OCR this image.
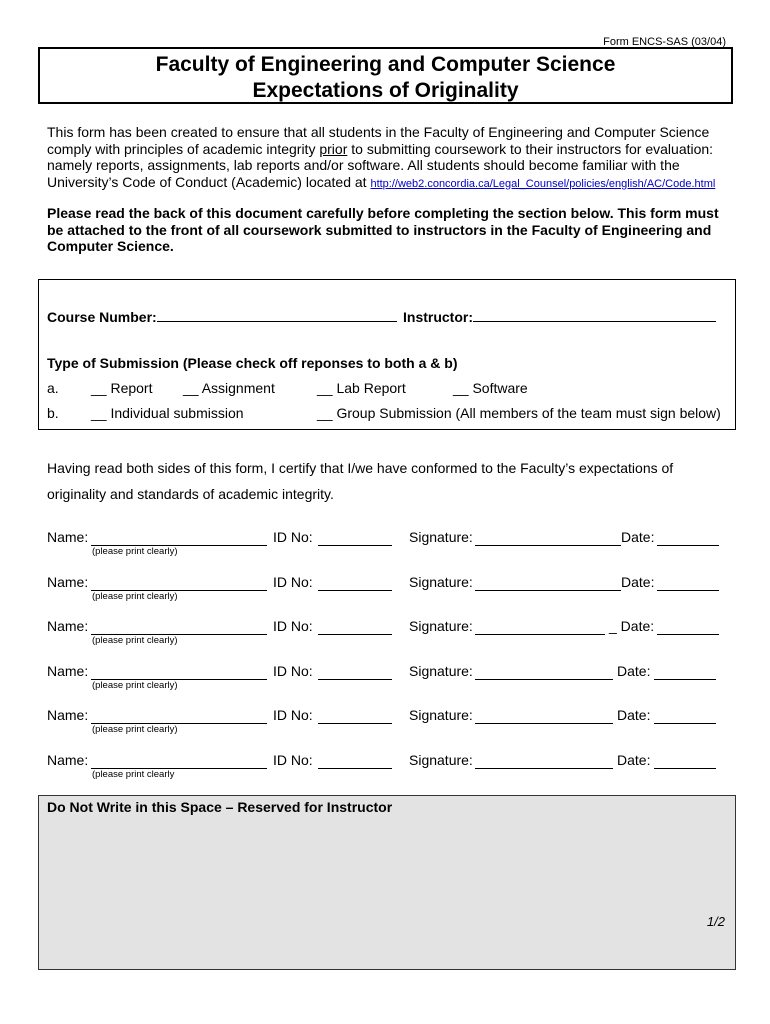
Form ENCS-SAS (03/04)
Faculty of Engineering and Computer Science
Expectations of Originality
This form has been created to ensure that all students in the Faculty of Engineering and Computer Science comply with principles of academic integrity prior to submitting coursework to their instructors for evaluation: namely reports, assignments, lab reports and/or software. All students should become familiar with the University’s Code of Conduct (Academic) located at http://web2.concordia.ca/Legal_Counsel/policies/english/AC/Code.html
Please read the back of this document carefully before completing the section below. This form must be attached to the front of all coursework submitted to instructors in the Faculty of Engineering and Computer Science.
Course Number:	Instructor:
Type of Submission (Please check off reponses to both a & b)
a. __ Report __ Assignment	__ Lab Report	__ Software
b. __ Individual submission	__ Group Submission (All members of the team must sign below)
Having read both sides of this form, I certify that I/we have conformed to the Faculty’s expectations of
originality and standards of academic integrity.
Name:
(please print clearly)
ID No:	Signature:	Date:
Name:
(please print clearly)
ID No:	Signature:	Date:
Name:
(please print clearly)
ID No:	Signature:	_ Date:
Name:
(please print clearly)
ID No:	Signature:	Date:
Name:
(please print clearly)
ID No:	Signature:	Date:
Name:
(please print clearly
ID No:	Signature:	Date:
Do Not Write in this Space – Reserved for Instructor
1/2
